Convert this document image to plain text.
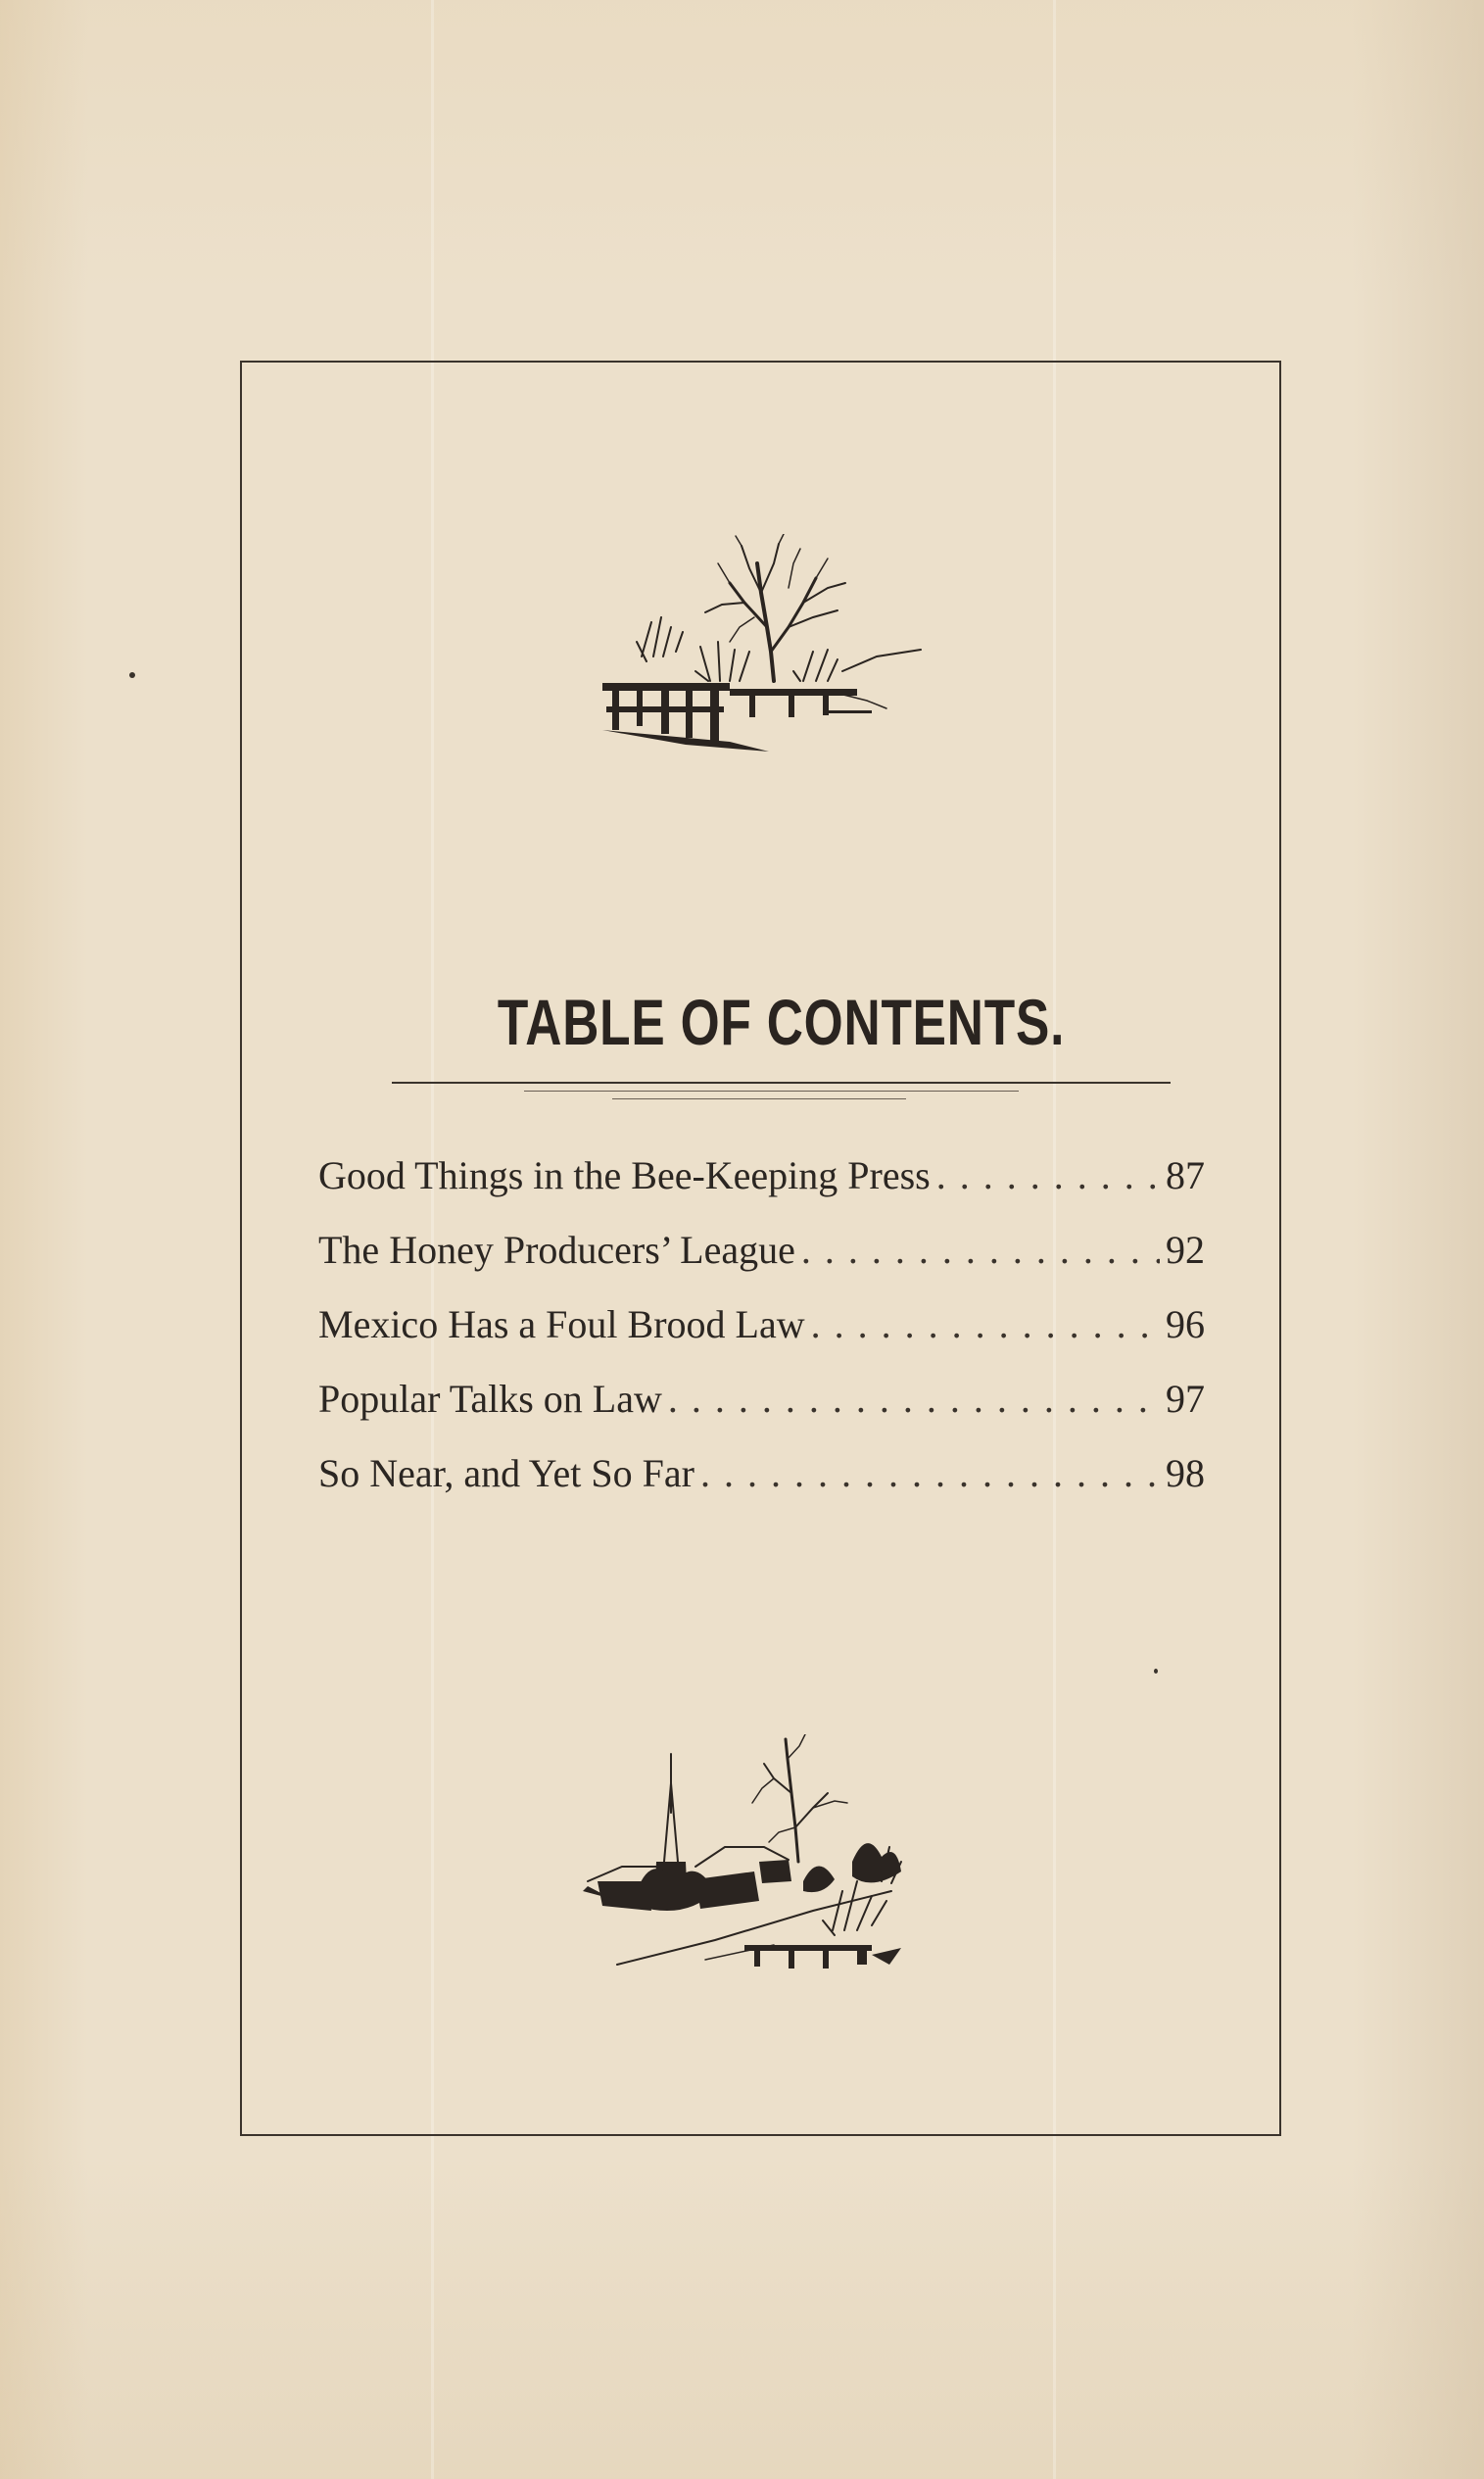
TABLE OF CONTENTS.
Good Things in the Bee-Keeping Press . . .	87
The Honey Producers’ League . . .	92
Mexico Has a Foul Brood Law . . .	96
Popular Talks on Law . . .	97
So Near, and Yet So Far . . .	98
